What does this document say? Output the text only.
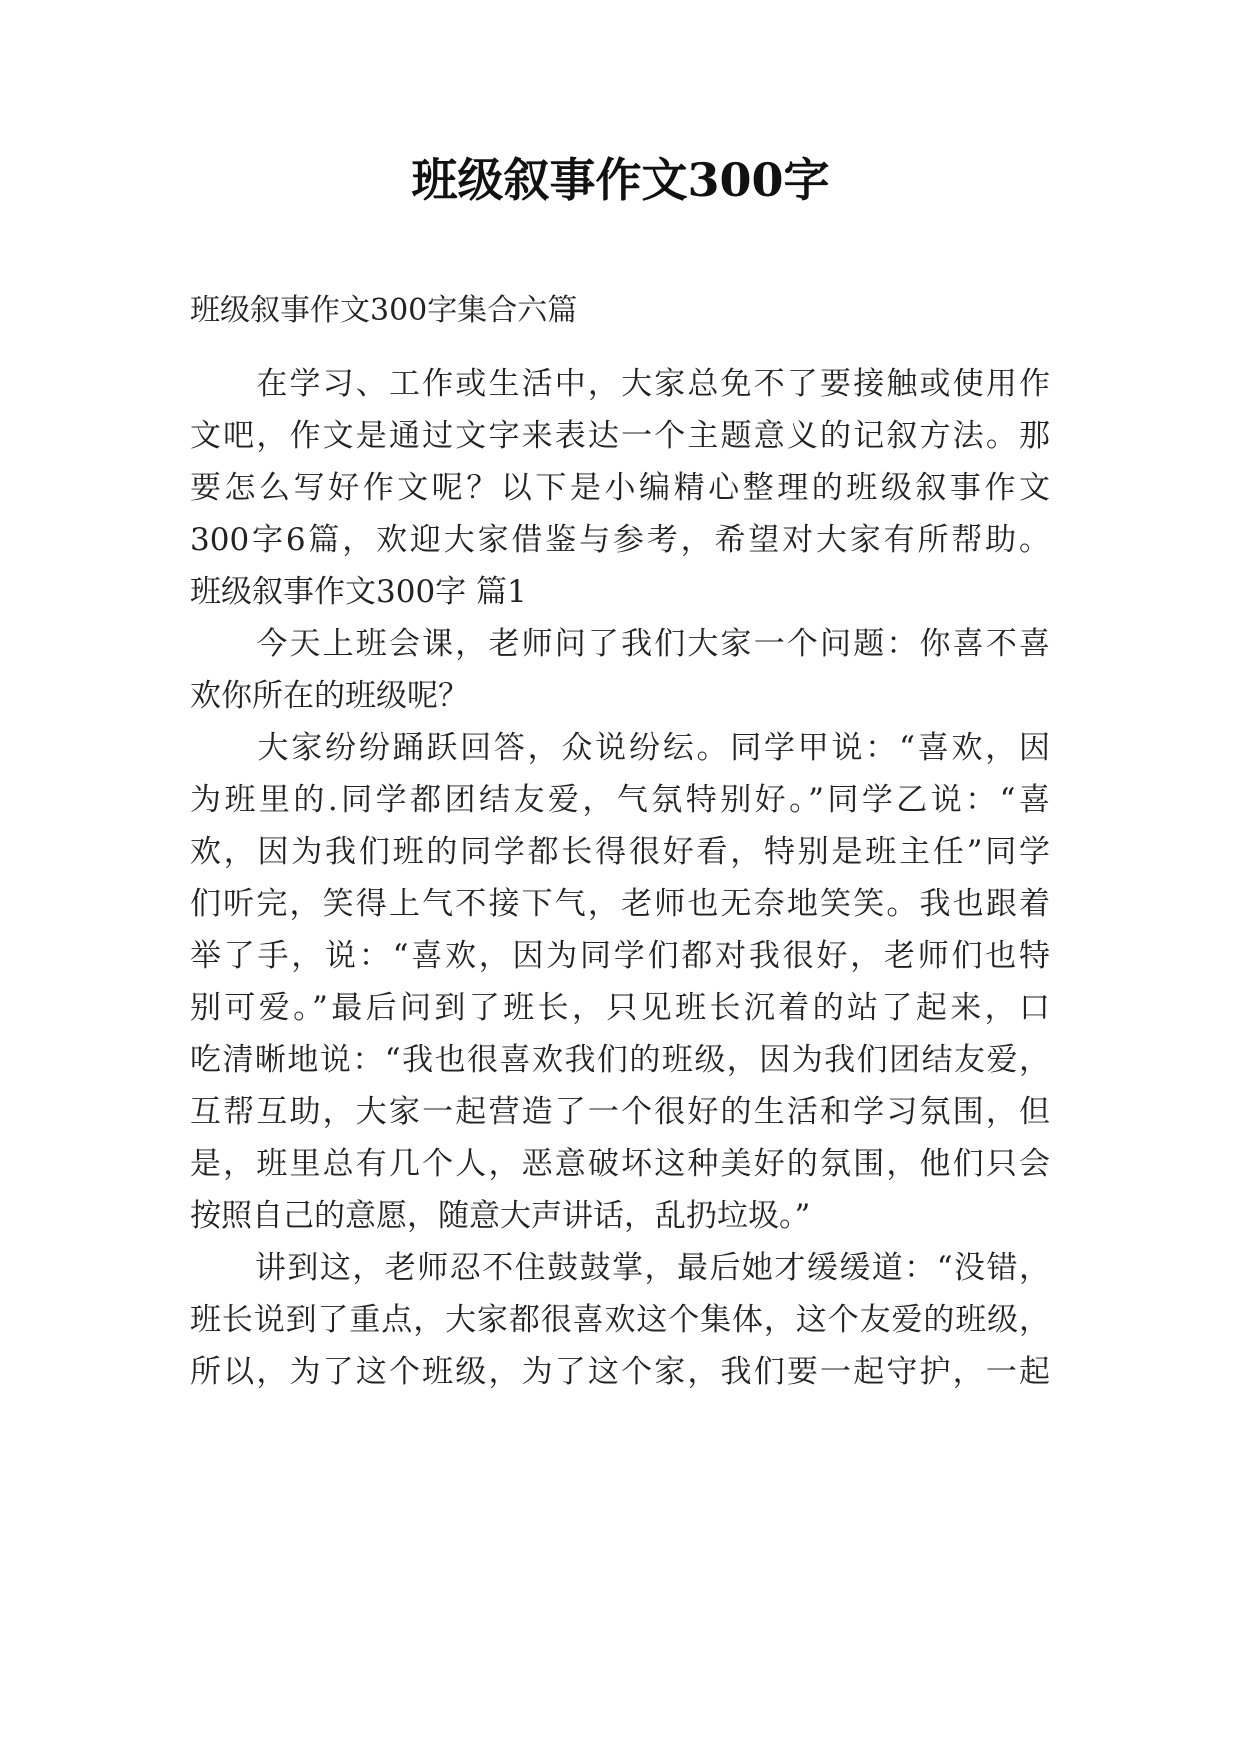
班级叙事作文300字
班级叙事作文300字集合六篇
　　在学习、工作或生活中，大家总免不了要接触或使用作
文吧，作文是通过文字来表达一个主题意义的记叙方法。那
要怎么写好作文呢？以下是小编精心整理的班级叙事作文
300字6篇，欢迎大家借鉴与参考，希望对大家有所帮助。
班级叙事作文300字 篇1
　　今天上班会课，老师问了我们大家一个问题：你喜不喜
欢你所在的班级呢？
　　大家纷纷踊跃回答，众说纷纭。同学甲说：“喜欢，因
为班里的.同学都团结友爱，气氛特别好。”同学乙说：“喜
欢，因为我们班的同学都长得很好看，特别是班主任”同学
们听完，笑得上气不接下气，老师也无奈地笑笑。我也跟着
举了手，说：“喜欢，因为同学们都对我很好，老师们也特
别可爱。”最后问到了班长，只见班长沉着的站了起来，口
吃清晰地说：“我也很喜欢我们的班级，因为我们团结友爱，
互帮互助，大家一起营造了一个很好的生活和学习氛围，但
是，班里总有几个人，恶意破坏这种美好的氛围，他们只会
按照自己的意愿，随意大声讲话，乱扔垃圾。”
　　讲到这，老师忍不住鼓鼓掌，最后她才缓缓道：“没错，
班长说到了重点，大家都很喜欢这个集体，这个友爱的班级，
所以，为了这个班级，为了这个家，我们要一起守护，一起
